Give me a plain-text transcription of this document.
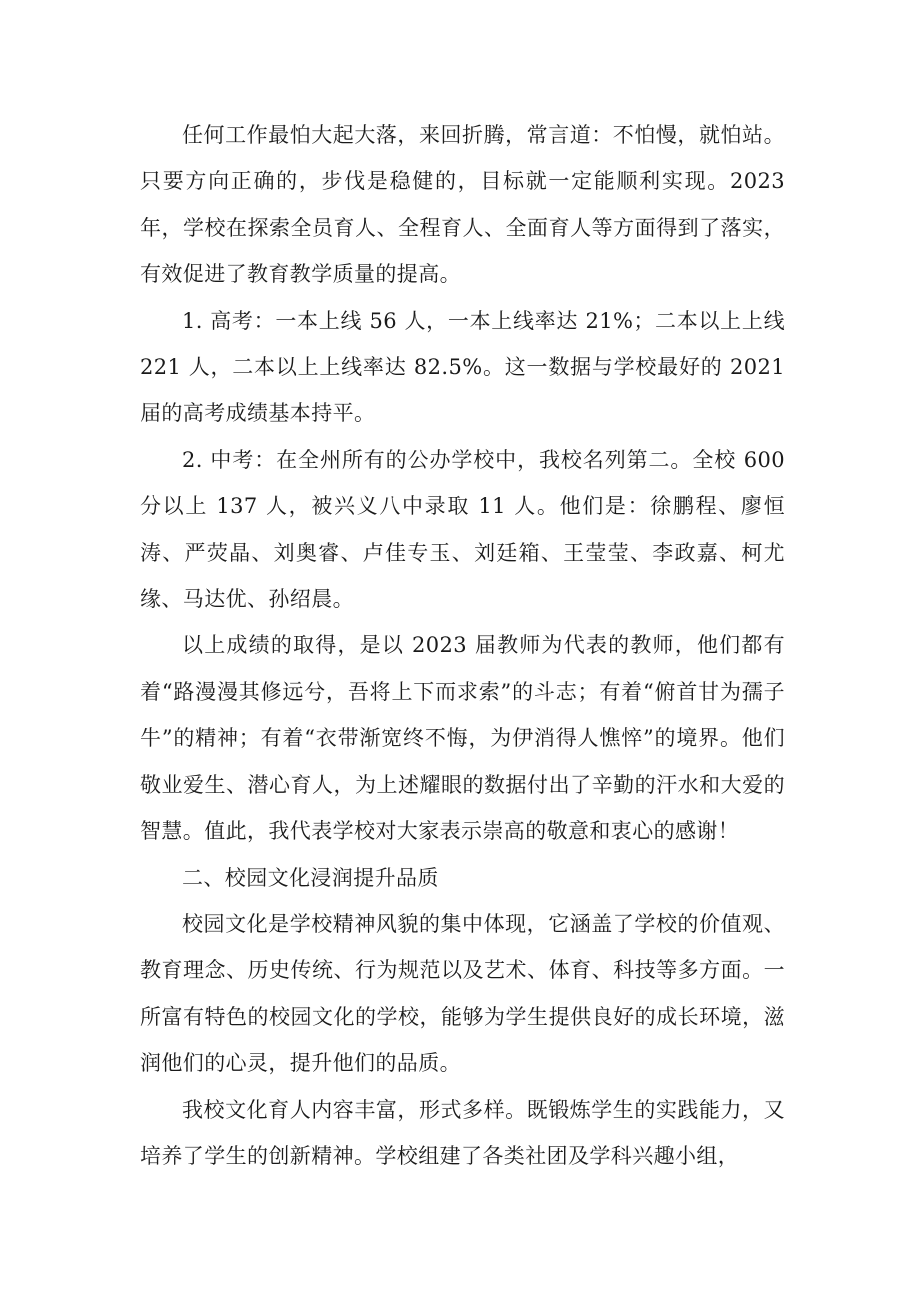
任何工作最怕大起大落，来回折腾，常言道：不怕慢，就怕站。只要方向正确的，步伐是稳健的，目标就一定能顺利实现。2023 年，学校在探索全员育人、全程育人、全面育人等方面得到了落实，有效促进了教育教学质量的提高。

1. 高考：一本上线 56 人，一本上线率达 21%；二本以上上线 221 人，二本以上上线率达 82.5%。这一数据与学校最好的 2021 届的高考成绩基本持平。

2. 中考：在全州所有的公办学校中，我校名列第二。全校 600 分以上 137 人，被兴义八中录取 11 人。他们是：徐鹏程、廖恒涛、严荧晶、刘奥睿、卢佳专玉、刘廷箱、王莹莹、李政嘉、柯尤缘、马达优、孙绍晨。

以上成绩的取得，是以 2023 届教师为代表的教师，他们都有着“路漫漫其修远兮，吾将上下而求索”的斗志；有着“俯首甘为孺子牛”的精神；有着“衣带渐宽终不悔，为伊消得人憔悴”的境界。他们敬业爱生、潜心育人，为上述耀眼的数据付出了辛勤的汗水和大爱的智慧。值此，我代表学校对大家表示崇高的敬意和衷心的感谢！

二、校园文化浸润提升品质

校园文化是学校精神风貌的集中体现，它涵盖了学校的价值观、教育理念、历史传统、行为规范以及艺术、体育、科技等多方面。一所富有特色的校园文化的学校，能够为学生提供良好的成长环境，滋润他们的心灵，提升他们的品质。

我校文化育人内容丰富，形式多样。既锻炼学生的实践能力，又培养了学生的创新精神。学校组建了各类社团及学科兴趣小组，
